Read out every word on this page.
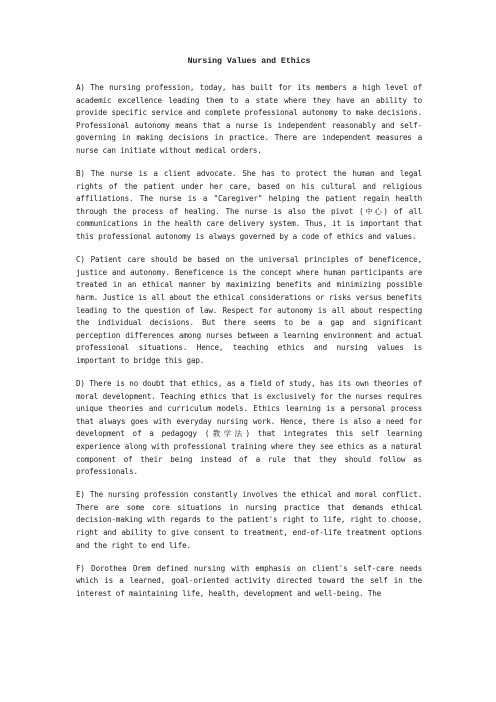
Nursing Values and Ethics

A) The nursing profession, today, has built for its members a high level of academic excellence leading them to a state where they have an ability to provide specific service and complete professional autonomy to make decisions. Professional autonomy means that a nurse is independent reasonably and self-governing in making decisions in practice. There are independent measures a nurse can initiate without medical orders.

B) The nurse is a client advocate. She has to protect the human and legal rights of the patient under her care, based on his cultural and religious affiliations. The nurse is a "Caregiver" helping the patient regain health through the process of healing. The nurse is also the pivot (中心) of all communications in the health care delivery system. Thus, it is important that this professional autonomy is always governed by a code of ethics and values.

C) Patient care should be based on the universal principles of beneficence, justice and autonomy. Beneficence is the concept where human participants are treated in an ethical manner by maximizing benefits and minimizing possible harm. Justice is all about the ethical considerations or risks versus benefits leading to the question of law. Respect for autonomy is all about respecting the individual decisions. But there seems to be a gap and significant perception differences among nurses between a learning environment and actual professional situations. Hence, teaching ethics and nursing values is important to bridge this gap.

D) There is no doubt that ethics, as a field of study, has its own theories of moral development. Teaching ethics that is exclusively for the nurses requires unique theories and curriculum models. Ethics learning is a personal process that always goes with everyday nursing work. Hence, there is also a need for development of a pedagogy (教学法) that integrates this self learning experience along with professional training where they see ethics as a natural component of their being instead of a rule that they should follow as professionals.

E) The nursing profession constantly involves the ethical and moral conflict. There are some core situations in nursing practice that demands ethical decision-making with regards to the patient's right to life, right to choose, right and ability to give consent to treatment, end-of-life treatment options and the right to end life.

F) Dorothea Orem defined nursing with emphasis on client's self-care needs which is a learned, goal-oriented activity directed toward the self in the interest of maintaining life, health, development and well-being. The
